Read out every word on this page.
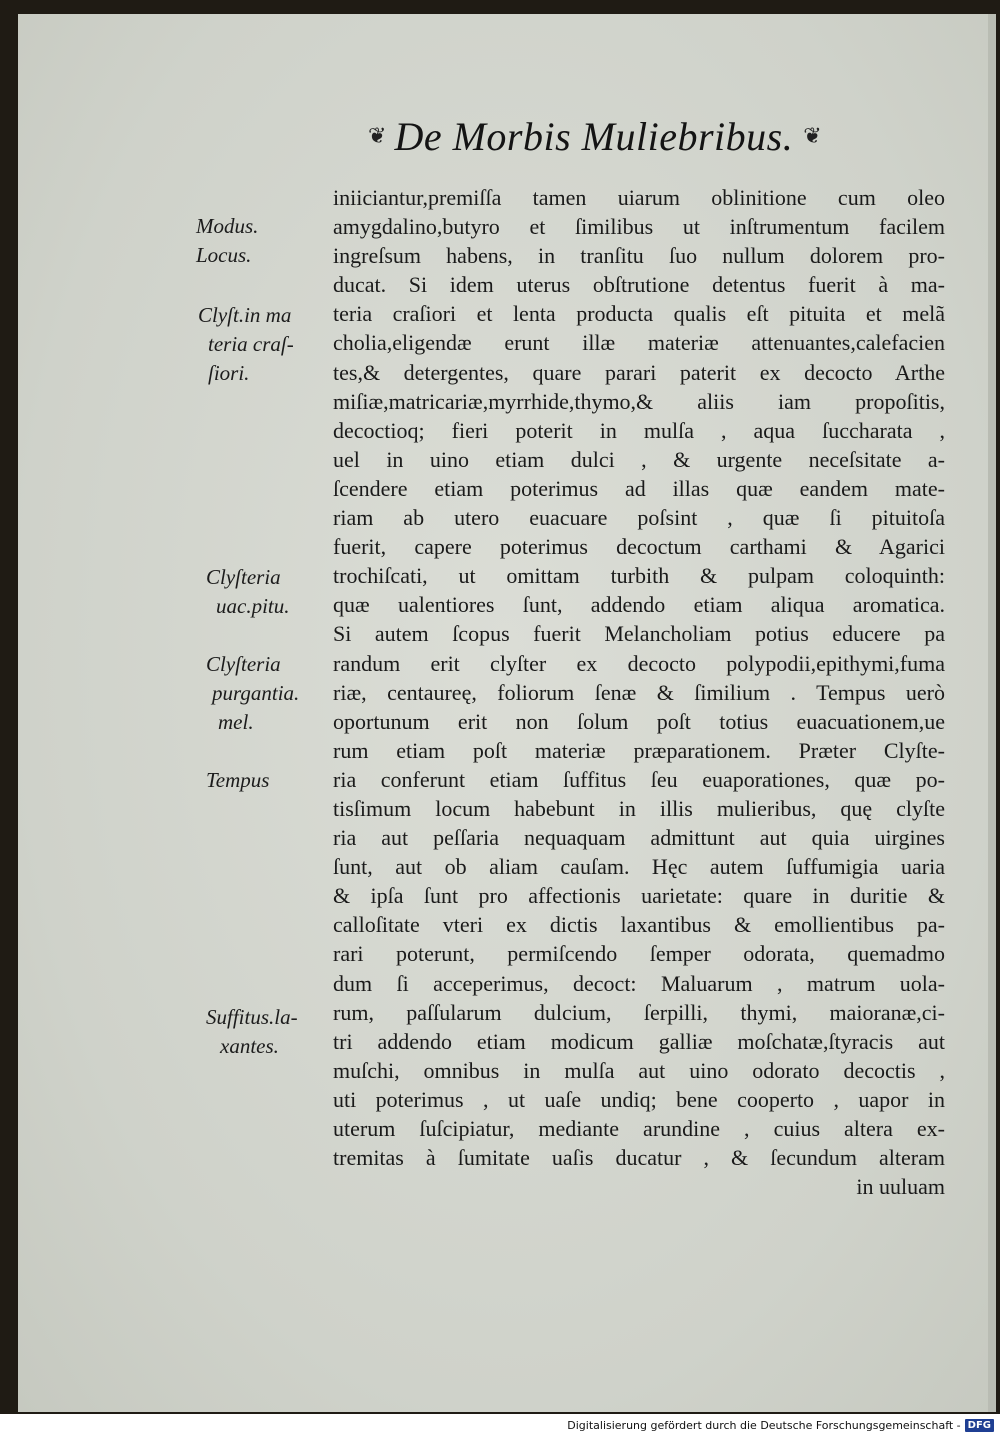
❦ De Morbis Muliebribus. ❦
Modus.
Locus.
Clyſt.in ma
teria craſ-
ſiori.
Clyſteria
uac.pitu.
Clyſteria
purgantia.
mel.
Tempus
Suffitus.la-
xantes.
iniiciantur,premiſſa tamen uiarum oblinitione cum oleo
amygdalino,butyro et ſimilibus ut inſtrumentum facilem
ingreſsum habens, in tranſitu ſuo nullum dolorem pro-
ducat. Si idem uterus obſtrutione detentus fuerit à ma-
teria craſiori et lenta producta qualis eſt pituita et melã
cholia,eligendæ erunt illæ materiæ attenuantes,calefacien
tes,& detergentes, quare parari paterit ex decocto Arthe
miſiæ,matricariæ,myrrhide,thymo,& aliis iam propoſitis,
decoctioq; fieri poterit in mulſa , aqua ſuccharata ,
uel in uino etiam dulci , & urgente neceſsitate a-
ſcendere etiam poterimus ad illas quæ eandem mate-
riam ab utero euacuare poſsint , quæ ſi pituitoſa
fuerit, capere poterimus decoctum carthami & Agarici
trochiſcati, ut omittam turbith & pulpam coloquinth:
quæ ualentiores ſunt, addendo etiam aliqua aromatica.
Si autem ſcopus fuerit Melancholiam potius educere pa
randum erit clyſter ex decocto polypodii,epithymi,fuma
riæ, centaureę, foliorum ſenæ & ſimilium . Tempus uerò
oportunum erit non ſolum poſt totius euacuationem,ue
rum etiam poſt materiæ præparationem. Præter Clyſte-
ria conferunt etiam ſuffitus ſeu euaporationes, quæ po-
tisſimum locum habebunt in illis mulieribus, quę clyſte
ria aut peſſaria nequaquam admittunt aut quia uirgines
ſunt, aut ob aliam cauſam. Hęc autem ſuffumigia uaria
& ipſa ſunt pro affectionis uarietate: quare in duritie &
calloſitate vteri ex dictis laxantibus & emollientibus pa-
rari poterunt, permiſcendo ſemper odorata, quemadmo
dum ſi acceperimus, decoct: Maluarum , matrum uola-
rum, paſſularum dulcium, ſerpilli, thymi, maioranæ,ci-
tri addendo etiam modicum galliæ moſchatæ,ſtyracis aut
muſchi, omnibus in mulſa aut uino odorato decoctis ,
uti poterimus , ut uaſe undiq; bene cooperto , uapor in
uterum ſuſcipiatur, mediante arundine , cuius altera ex-
tremitas à ſumitate uaſis ducatur , & ſecundum alteram
in uuluam
Digitalisierung gefördert durch die Deutsche Forschungsgemeinschaft - DFG
